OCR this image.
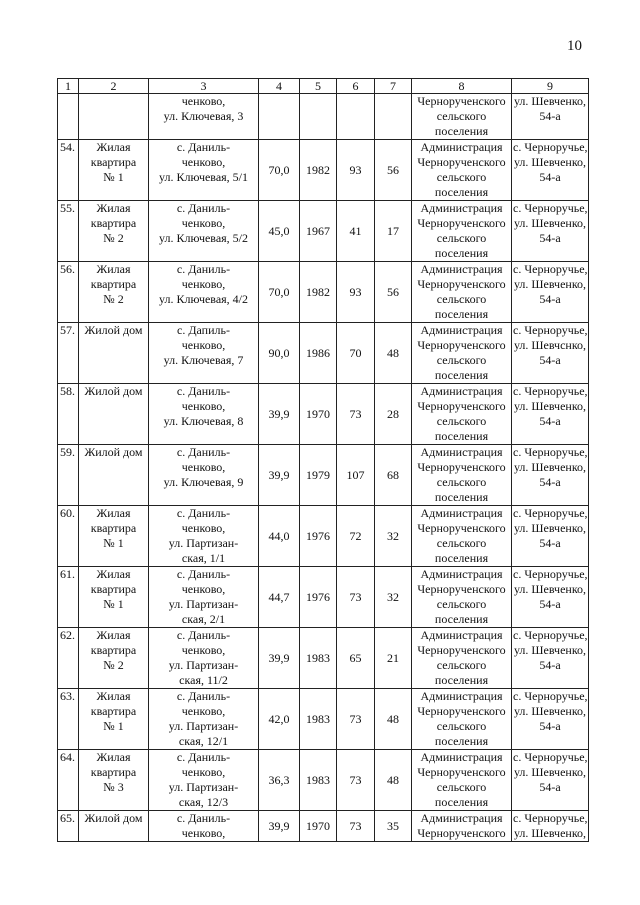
10
1	2	3	4	5	6	7	8	9

		ченково,
ул. Ключевая, 3					Чернорученского
сельского
поселения	ул. Шевченко,
54-а

54.	Жилая
квартира
№ 1	с. Даниль-
ченково,
ул. Ключевая, 5/1	70,0	1982	93	56	Администрация
Чернорученского
сельского
поселения	с. Черноручье,
ул. Шевченко,
54-а

55.	Жилая
квартира
№ 2	с. Даниль-
ченково,
ул. Ключевая, 5/2	45,0	1967	41	17	Администрация
Чернорученского
сельского
поселения	с. Черноручье,
ул. Шевченко,
54-а

56.	Жилая
квартира
№ 2	с. Даниль-
ченково,
ул. Ключевая, 4/2	70,0	1982	93	56	Администрация
Чернорученского
сельского
поселения	с. Черноручье,
ул. Шевченко,
54-а

57.	Жилой дом	с. Дапиль-
ченково,
ул. Ключевая, 7	90,0	1986	70	48	Администрация
Чернорученского
сельского
поселения	с. Черноручье,
ул. Шевчснко,
54-а

58.	Жилой дом	с. Даниль-
ченково,
ул. Ключевая, 8	39,9	1970	73	28	Администрация
Чернорученского
сельского
поселения	с. Черноручье,
ул. Шевченко,
54-а

59.	Жилой дом	с. Даниль-
ченково,
ул. Ключевая, 9	39,9	1979	107	68	Администрация
Чернорученского
сельского
поселения	с. Черноручье,
ул. Шевченко,
54-а

60.	Жилая
квартира
№ 1	с. Даниль-
ченково,
ул. Партизан-
ская, 1/1	44,0	1976	72	32	Администрация
Чернорученского
сельского
поселения	с. Черноручье,
ул. Шевченко,
54-а

61.	Жилая
квартира
№ 1	с. Даниль-
ченково,
ул. Партизан-
ская, 2/1	44,7	1976	73	32	Администрация
Чернорученского
сельского
поселения	с. Черноручье,
ул. Шевченко,
54-а

62.	Жилая
квартира
№ 2	с. Даниль-
ченково,
ул. Партизан-
ская, 11/2	39,9	1983	65	21	Администрация
Чернорученского
сельского
поселения	с. Черноручье,
ул. Шевченко,
54-а

63.	Жилая
квартира
№ 1	с. Даниль-
ченково,
ул. Партизан-
ская, 12/1	42,0	1983	73	48	Администрация
Чернорученского
сельского
поселения	с. Черноручье,
ул. Шевченко,
54-а

64.	Жилая
квартира
№ 3	с. Даниль-
ченково,
ул. Партизан-
ская, 12/3	36,3	1983	73	48	Администрация
Чернорученского
сельского
поселения	с. Черноручье,
ул. Шевченко,
54-а

65.	Жилой дом	с. Даниль-
ченково,	39,9	1970	73	35	Администрация
Чернорученского	с. Черноручье,
ул. Шевченко,
